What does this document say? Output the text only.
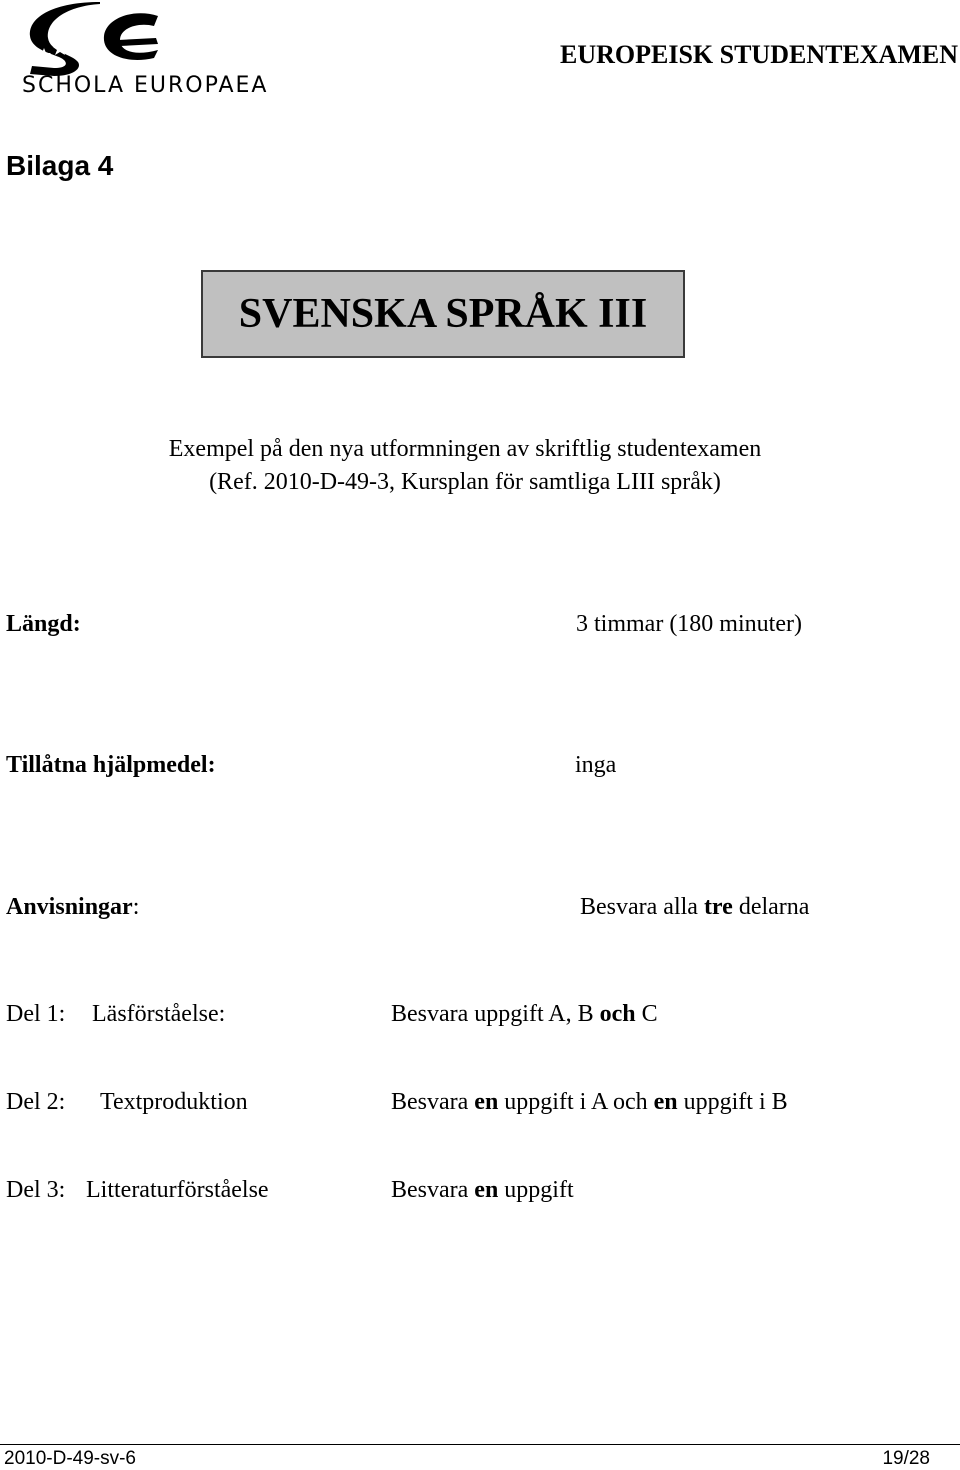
SCHOLA EUROPAEA
EUROPEISK STUDENTEXAMEN
Bilaga 4
SVENSKA SPRÅK III
Exempel på den nya utformningen av skriftlig studentexamen
(Ref. 2010-D-49-3, Kursplan för samtliga LIII språk)
Längd:	3 timmar (180 minuter)
Tillåtna hjälpmedel:	inga
Anvisningar:	Besvara alla tre delarna
Del 1: Läsförståelse:	Besvara uppgift A, B och C
Del 2: Textproduktion	Besvara en uppgift i A och en uppgift i B
Del 3: Litteraturförståelse	Besvara en uppgift
2010-D-49-sv-6	19/28
